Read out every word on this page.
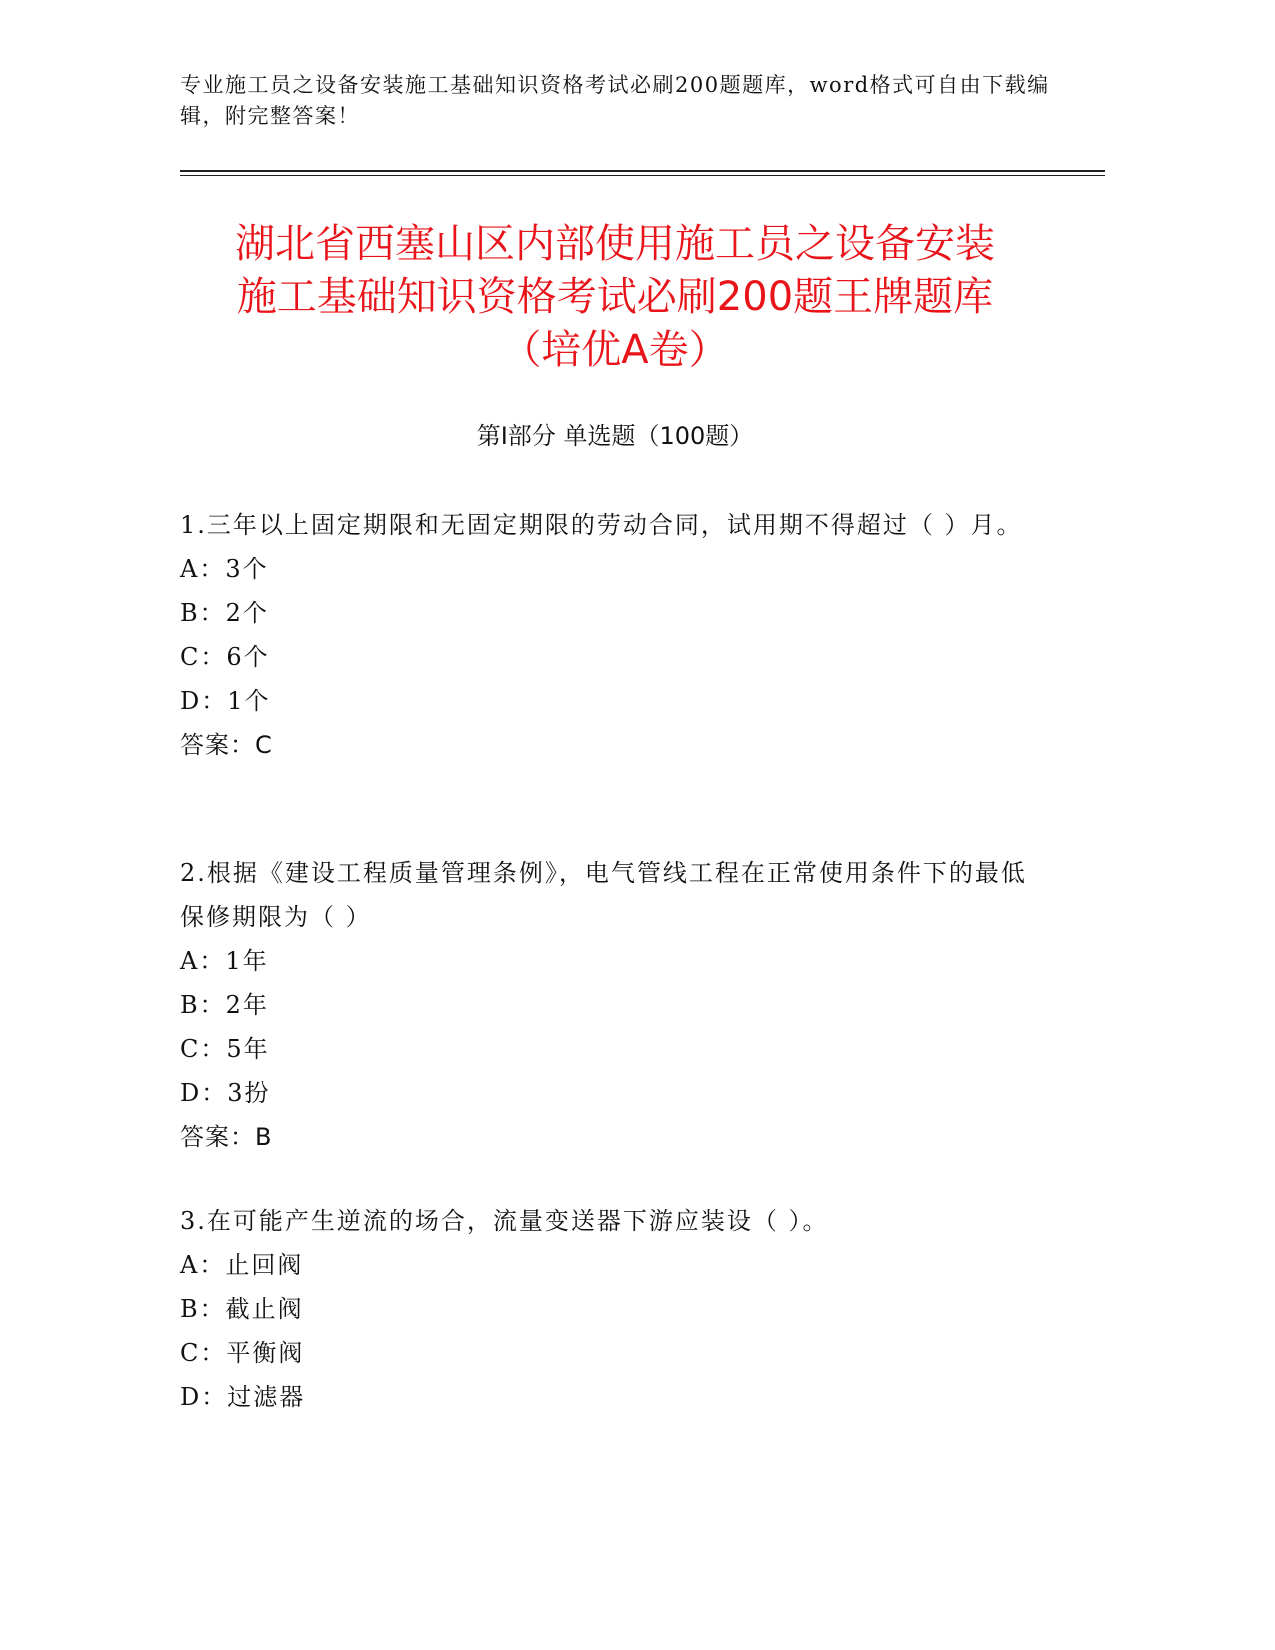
专业施工员之设备安装施工基础知识资格考试必刷200题题库，word格式可自由下载编辑，附完整答案！
湖北省西塞山区内部使用施工员之设备安装
施工基础知识资格考试必刷200题王牌题库
（培优A卷）
第Ⅰ部分 单选题（100题）
1.三年以上固定期限和无固定期限的劳动合同，试用期不得超过（ ）月。
A：3个
B：2个
C：6个
D：1个
答案：C
2.根据《建设工程质量管理条例》，电气管线工程在正常使用条件下的最低保修期限为（ ）
A：1年
B：2年
C：5年
D：3扮
答案：B
3.在可能产生逆流的场合，流量变送器下游应装设（ ）。
A：止回阀
B：截止阀
C：平衡阀
D：过滤器
